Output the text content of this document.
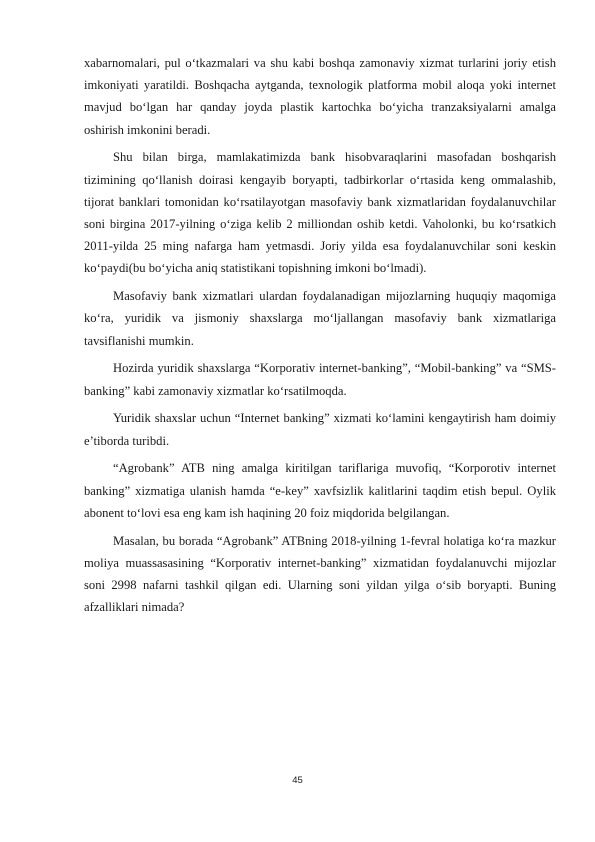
xabarnomalari, pul o‘tkazmalari va shu kabi boshqa zamonaviy xizmat turlarini joriy etish imkoniyati yaratildi. Boshqacha aytganda, texnologik platforma mobil aloqa yoki internet mavjud bo‘lgan har qanday joyda plastik kartochka bo‘yicha tranzaksiyalarni amalga oshirish imkonini beradi.

Shu bilan birga, mamlakatimizda bank hisobvaraqlarini masofadan boshqarish tizimining qo‘llanish doirasi kengayib boryapti, tadbirkorlar o‘rtasida keng ommalashib, tijorat banklari tomonidan ko‘rsatilayotgan masofaviy bank xizmatlaridan foydalanuvchilar soni birgina 2017-yilning o‘ziga kelib 2 milliondan oshib ketdi. Vaholonki, bu ko‘rsatkich 2011-yilda 25 ming nafarga ham yetmasdi. Joriy yilda esa foydalanuvchilar soni keskin ko‘paydi(bu bo‘yicha aniq statistikani topishning imkoni bo‘lmadi).

Masofaviy bank xizmatlari ulardan foydalanadigan mijozlarning huquqiy maqomiga ko‘ra, yuridik va jismoniy shaxslarga mo‘ljallangan masofaviy bank xizmatlariga tavsiflanishi mumkin.

Hozirda yuridik shaxslarga “Korporativ internet-banking”, “Mobil-banking” va “SMS-banking” kabi zamonaviy xizmatlar ko‘rsatilmoqda.

Yuridik shaxslar uchun “Internet banking” xizmati ko‘lamini kengaytirish ham doimiy e’tiborda turibdi.

“Agrobank” ATB ning amalga kiritilgan tariflariga muvofiq, “Korporotiv internet banking” xizmatiga ulanish hamda “e-key” xavfsizlik kalitlarini taqdim etish bepul. Oylik abonent to‘lovi esa eng kam ish haqining 20 foiz miqdorida belgilangan.

Masalan, bu borada “Agrobank” ATBning 2018-yilning 1-fevral holatiga ko‘ra mazkur moliya muassasasining “Korporativ internet-banking” xizmatidan foydalanuvchi mijozlar soni 2998 nafarni tashkil qilgan edi. Ularning soni yildan yilga o‘sib boryapti. Buning afzalliklari nimada?

45
